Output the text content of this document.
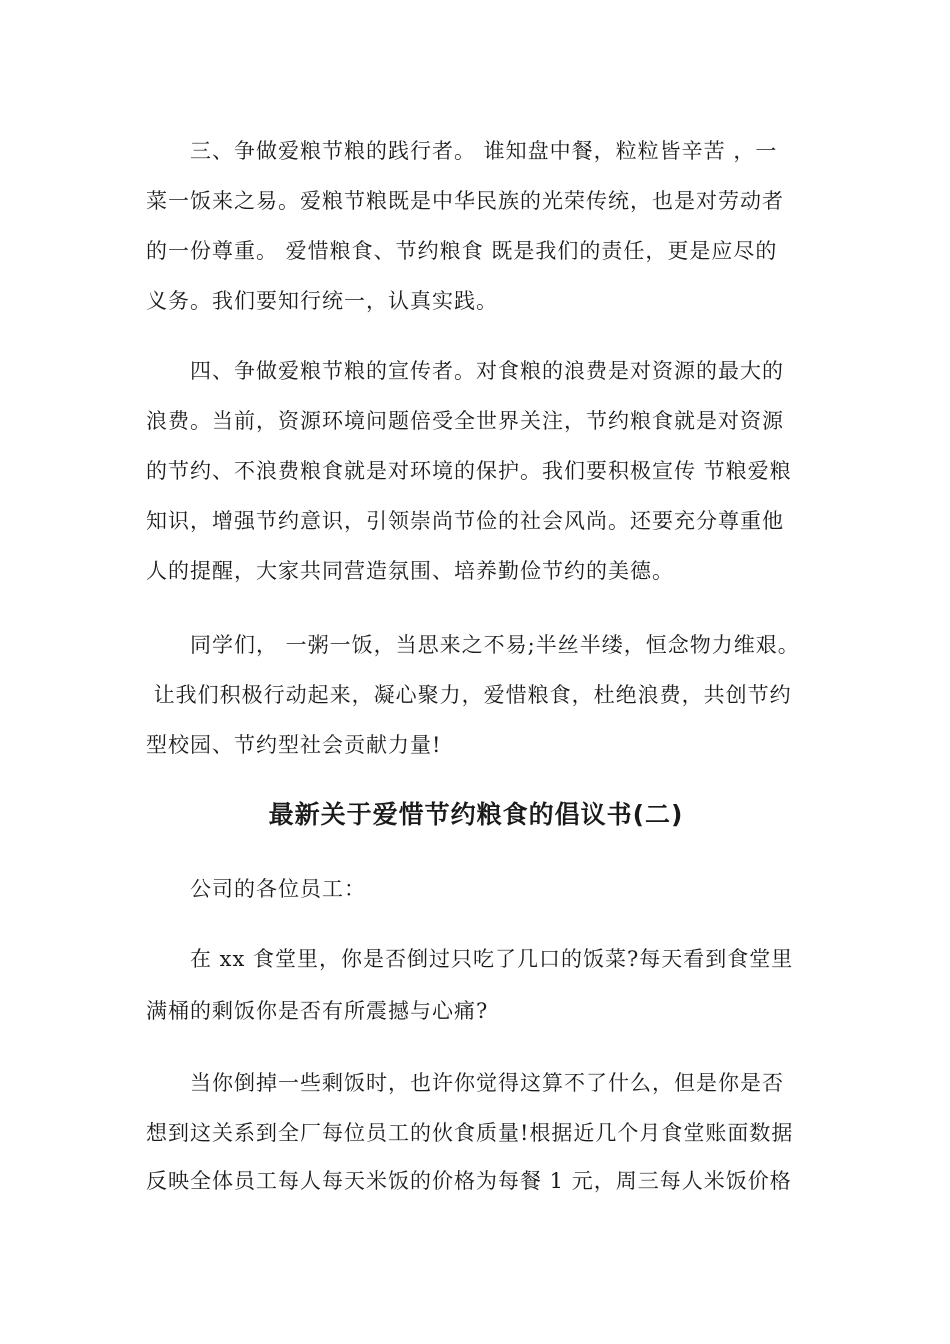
三、争做爱粮节粮的践行者。 谁知盘中餐，粒粒皆辛苦 ，一
菜一饭来之易。爱粮节粮既是中华民族的光荣传统，也是对劳动者
的一份尊重。 爱惜粮食、节约粮食 既是我们的责任，更是应尽的
义务。我们要知行统一，认真实践。
四、争做爱粮节粮的宣传者。对食粮的浪费是对资源的最大的
浪费。当前，资源环境问题倍受全世界关注，节约粮食就是对资源
的节约、不浪费粮食就是对环境的保护。我们要积极宣传 节粮爱粮
知识，增强节约意识，引领崇尚节俭的社会风尚。还要充分尊重他
人的提醒，大家共同营造氛围、培养勤俭节约的美德。
同学们， 一粥一饭，当思来之不易;半丝半缕，恒念物力维艰。
让我们积极行动起来，凝心聚力，爱惜粮食，杜绝浪费，共创节约
型校园、节约型社会贡献力量!
最新关于爱惜节约粮食的倡议书(二)
公司的各位员工：
在 xx 食堂里，你是否倒过只吃了几口的饭菜?每天看到食堂里
满桶的剩饭你是否有所震撼与心痛?
当你倒掉一些剩饭时，也许你觉得这算不了什么，但是你是否
想到这关系到全厂每位员工的伙食质量!根据近几个月食堂账面数据
反映全体员工每人每天米饭的价格为每餐 1 元，周三每人米饭价格
